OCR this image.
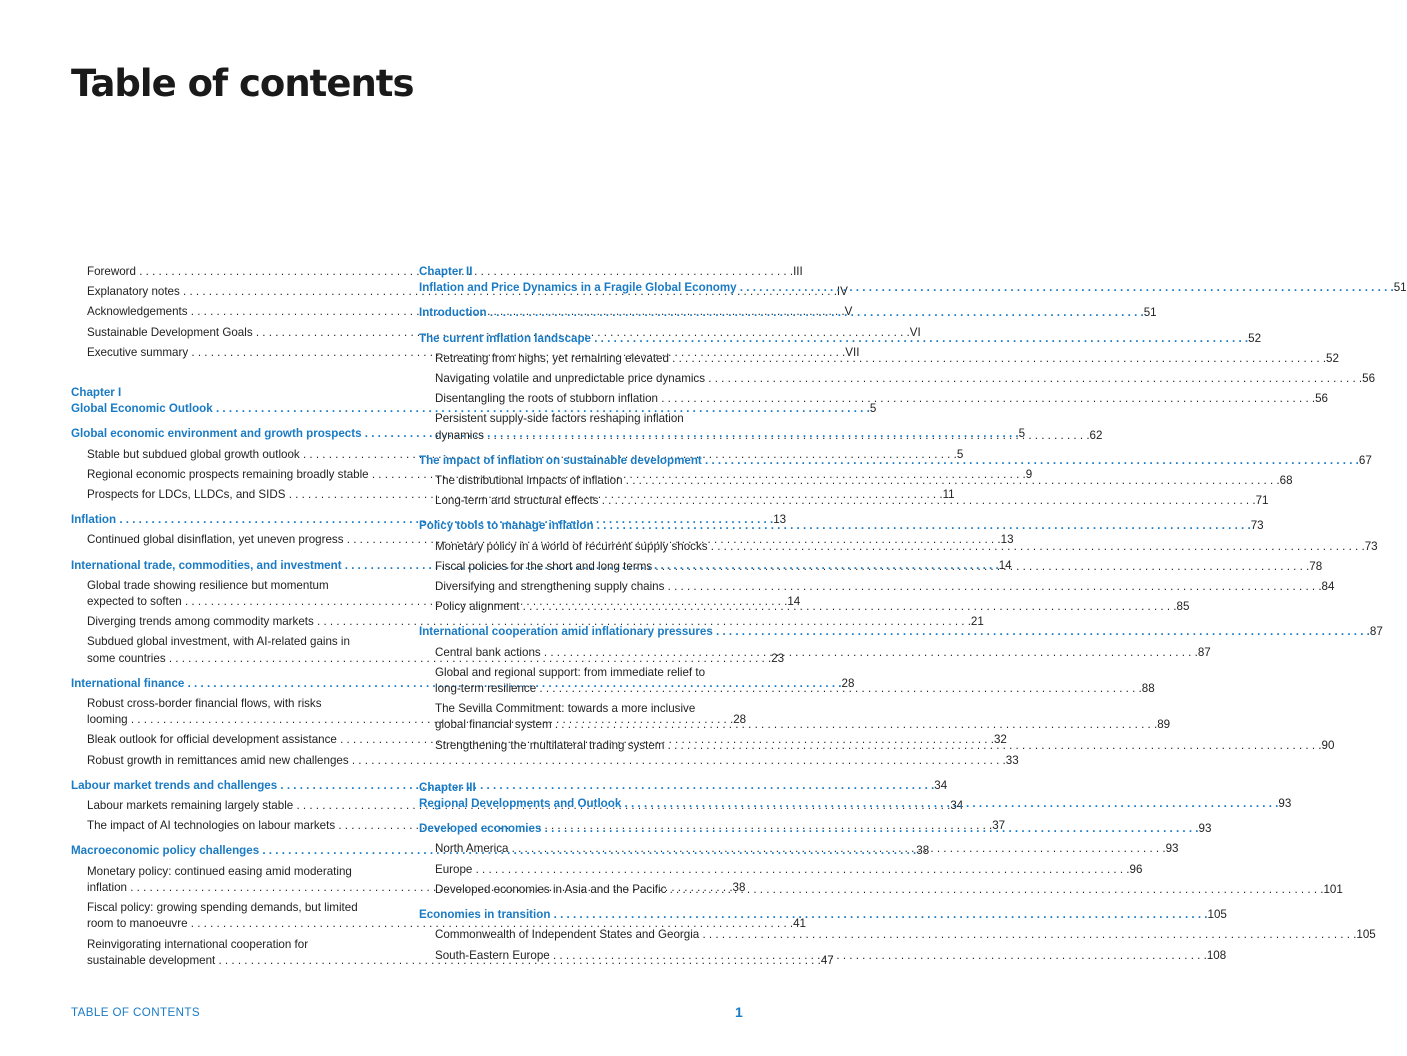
Table of contents
Foreword . . .	III
Explanatory notes . . .	IV
Acknowledgements . . .	V
Sustainable Development Goals . . .	VI
Executive summary . . .	VII
Chapter I
Global Economic Outlook . . .	5
Global economic environment and growth prospects . . .	5
Stable but subdued global growth outlook . . .	5
Regional economic prospects remaining broadly stable . . .	9
Prospects for LDCs, LLDCs, and SIDS . . .	11
Inflation . . .	13
Continued global disinflation, yet uneven progress . . .	13
International trade, commodities, and investment . . .	14
Global trade showing resilience but momentum
expected to soften . . .	14
Diverging trends among commodity markets . . .	21
Subdued global investment, with AI-related gains in
some countries . . .	23
International finance . . .	28
Robust cross-border financial flows, with risks
looming . . .	28
Bleak outlook for official development assistance . . .	32
Robust growth in remittances amid new challenges . . .	33
Labour market trends and challenges . . .	34
Labour markets remaining largely stable . . .	34
The impact of AI technologies on labour markets . . .	37
Macroeconomic policy challenges . . .	38
Monetary policy: continued easing amid moderating
inflation . . .	38
Fiscal policy: growing spending demands, but limited
room to manoeuvre . . .	41
Reinvigorating international cooperation for
sustainable development . . .	47
Chapter II
Inflation and Price Dynamics in a Fragile Global Economy . . .	51
Introduction . . .	51
The current inflation landscape . . .	52
Retreating from highs, yet remaining elevated . . .	52
Navigating volatile and unpredictable price dynamics . . .	56
Disentangling the roots of stubborn inflation . . .	56
Persistent supply-side factors reshaping inflation
dynamics . . .	62
The impact of inflation on sustainable development . . .	67
The distributional impacts of inflation . . .	68
Long-term and structural effects . . .	71
Policy tools to manage inflation . . .	73
Monetary policy in a world of recurrent supply shocks . . .	73
Fiscal policies for the short and long terms . . .	78
Diversifying and strengthening supply chains . . .	84
Policy alignment . . .	85
International cooperation amid inflationary pressures . . .	87
Central bank actions . . .	87
Global and regional support: from immediate relief to
long-term resilience . . .	88
The Sevilla Commitment: towards a more inclusive
global financial system . . .	89
Strengthening the multilateral trading system . . .	90
Chapter III
Regional Developments and Outlook . . .	93
Developed economies . . .	93
North America . . .	93
Europe . . .	96
Developed economies in Asia and the Pacific . . .	101
Economies in transition . . .	105
Commonwealth of Independent States and Georgia . . .	105
South-Eastern Europe . . .	108
TABLE OF CONTENTS	1
